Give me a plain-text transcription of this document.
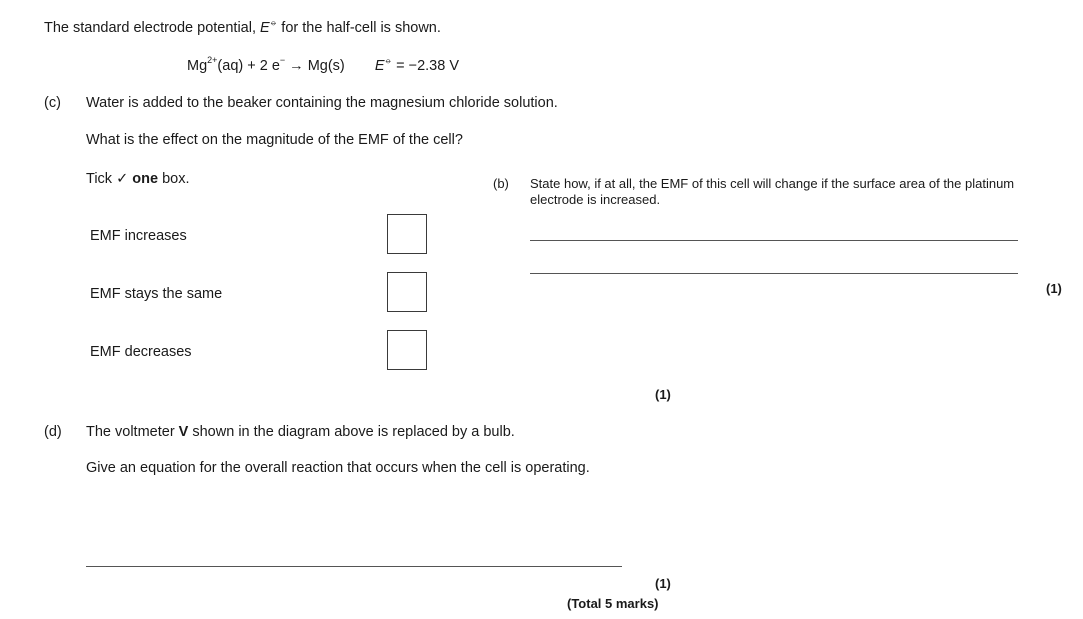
The standard electrode potential, E⦵ for the half-cell is shown.
$Mg^{2+}(aq) + 2$ e− → Mg(s) E⦵ = −2.38 V
(c) Water is added to the beaker containing the magnesium chloride solution.
What is the effect on the magnitude of the EMF of the cell?
Tick ✓ one box.
EMF increases
EMF stays the same
EMF decreases
(1)
(b) State how, if at all, the EMF of this cell will change if the surface area of the platinum electrode is increased.
(1)
(d) The voltmeter V shown in the diagram above is replaced by a bulb.
Give an equation for the overall reaction that occurs when the cell is operating.
(1)
(Total 5 marks)
